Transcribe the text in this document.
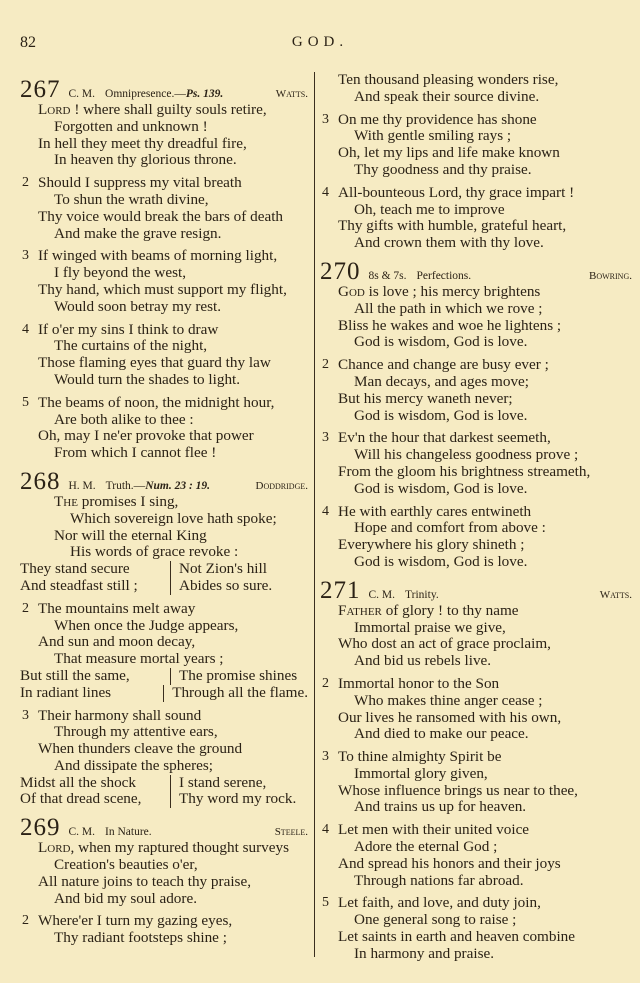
82	GOD.
267 C. M. Omnipresence.—Ps. 139.	Watts.
Lord ! where shall guilty souls retire,
Forgotten and unknown !
In hell they meet thy dreadful fire,
In heaven thy glorious throne.
2 Should I suppress my vital breath
To shun the wrath divine,
Thy voice would break the bars of death
And make the grave resign.
3 If winged with beams of morning light,
I fly beyond the west,
Thy hand, which must support my flight,
Would soon betray my rest.
4 If o'er my sins I think to draw
The curtains of the night,
Those flaming eyes that guard thy law
Would turn the shades to light.
5 The beams of noon, the midnight hour,
Are both alike to thee :
Oh, may I ne'er provoke that power
From which I cannot flee !
268 H. M. Truth.—Num. 23 : 19.	Doddridge.
The promises I sing,
Which sovereign love hath spoke;
Nor will the eternal King
His words of grace revoke :
They stand secure	Not Zion's hill
And steadfast still ;	Abides so sure.
2 The mountains melt away
When once the Judge appears,
And sun and moon decay,
That measure mortal years ;
But still the same,	The promise shines
In radiant lines	Through all the flame.
3 Their harmony shall sound
Through my attentive ears,
When thunders cleave the ground
And dissipate the spheres;
Midst all the shock	I stand serene,
Of that dread scene,	Thy word my rock.
269 C. M. In Nature.	Steele.
Lord, when my raptured thought surveys
Creation's beauties o'er,
All nature joins to teach thy praise,
And bid my soul adore.
2 Where'er I turn my gazing eyes,
Thy radiant footsteps shine ;
Ten thousand pleasing wonders rise,
And speak their source divine.
3 On me thy providence has shone
With gentle smiling rays ;
Oh, let my lips and life make known
Thy goodness and thy praise.
4 All-bounteous Lord, thy grace impart !
Oh, teach me to improve
Thy gifts with humble, grateful heart,
And crown them with thy love.
270 8s & 7s. Perfections.	Bowring.
God is love ; his mercy brightens
All the path in which we rove ;
Bliss he wakes and woe he lightens ;
God is wisdom, God is love.
2 Chance and change are busy ever ;
Man decays, and ages move;
But his mercy waneth never;
God is wisdom, God is love.
3 Ev'n the hour that darkest seemeth,
Will his changeless goodness prove ;
From the gloom his brightness streameth,
God is wisdom, God is love.
4 He with earthly cares entwineth
Hope and comfort from above :
Everywhere his glory shineth ;
God is wisdom, God is love.
271 C. M. Trinity.	Watts.
Father of glory ! to thy name
Immortal praise we give,
Who dost an act of grace proclaim,
And bid us rebels live.
2 Immortal honor to the Son
Who makes thine anger cease ;
Our lives he ransomed with his own,
And died to make our peace.
3 To thine almighty Spirit be
Immortal glory given,
Whose influence brings us near to thee,
And trains us up for heaven.
4 Let men with their united voice
Adore the eternal God ;
And spread his honors and their joys
Through nations far abroad.
5 Let faith, and love, and duty join,
One general song to raise ;
Let saints in earth and heaven combine
In harmony and praise.
